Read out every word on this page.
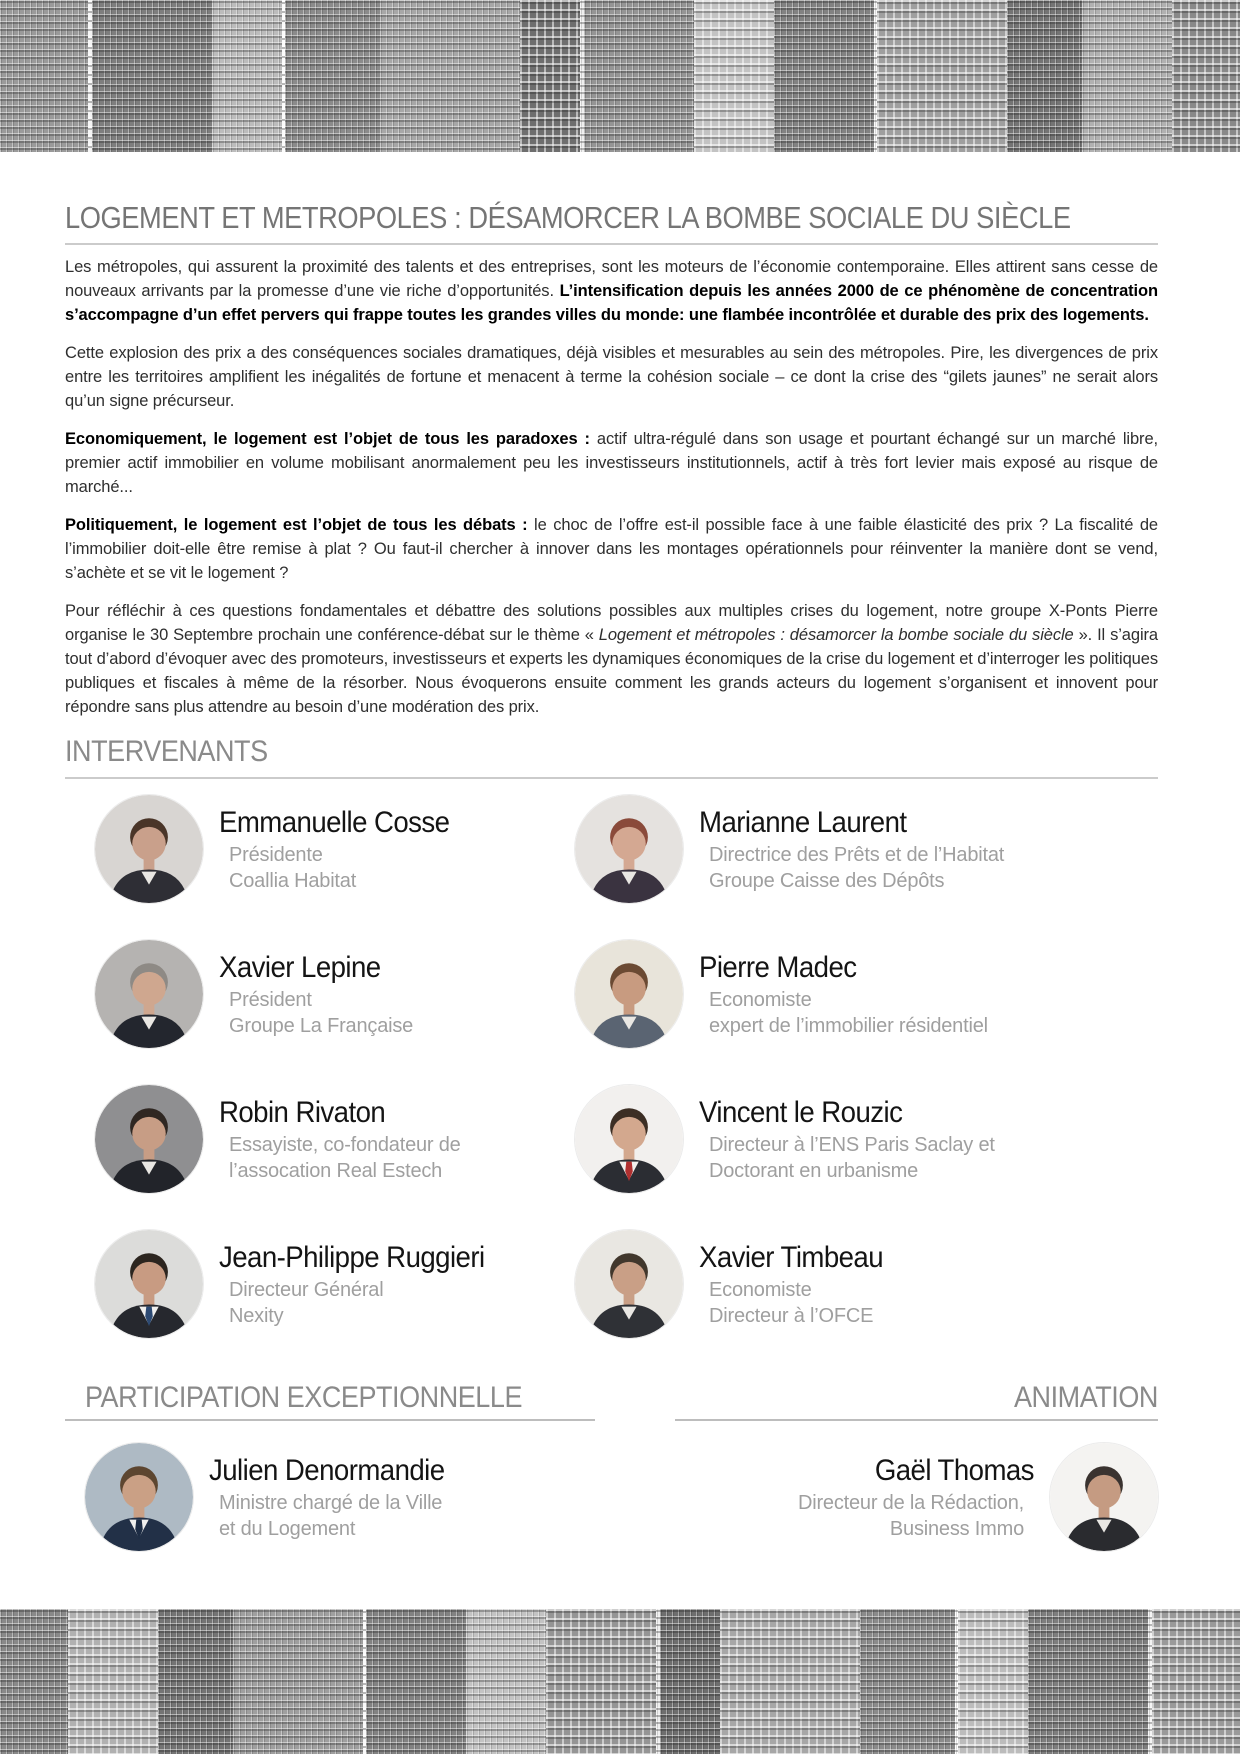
LOGEMENT ET METROPOLES : DÉSAMORCER LA BOMBE SOCIALE DU SIÈCLE

Les métropoles, qui assurent la proximité des talents et des entreprises, sont les moteurs de l’économie contemporaine. Elles attirent sans cesse de nouveaux arrivants par la promesse d’une vie riche d’opportunités. L’intensification depuis les années 2000 de ce phénomène de concentration s’accompagne d’un effet pervers qui frappe toutes les grandes villes du monde: une flambée incontrôlée et durable des prix des logements.

Cette explosion des prix a des conséquences sociales dramatiques, déjà visibles et mesurables au sein des métropoles. Pire, les divergences de prix entre les territoires amplifient les inégalités de fortune et menacent à terme la cohésion sociale – ce dont la crise des “gilets jaunes” ne serait alors qu’un signe précurseur.

Economiquement, le logement est l’objet de tous les paradoxes : actif ultra-régulé dans son usage et pourtant échangé sur un marché libre, premier actif immobilier en volume mobilisant anormalement peu les investisseurs institutionnels, actif à très fort levier mais exposé au risque de marché...

Politiquement, le logement est l’objet de tous les débats : le choc de l’offre est-il possible face à une faible élasticité des prix ? La fiscalité de l’immobilier doit-elle être remise à plat ? Ou faut-il chercher à innover dans les montages opérationnels pour réinventer la manière dont se vend, s’achète et se vit le logement ?

Pour réfléchir à ces questions fondamentales et débattre des solutions possibles aux multiples crises du logement, notre groupe X-Ponts Pierre organise le 30 Septembre prochain une conférence-débat sur le thème « Logement et métropoles : désamorcer la bombe sociale du siècle ». Il s’agira tout d’abord d’évoquer avec des promoteurs, investisseurs et experts les dynamiques économiques de la crise du logement et d’interroger les politiques publiques et fiscales à même de la résorber. Nous évoquerons ensuite comment les grands acteurs du logement s’organisent et innovent pour répondre sans plus attendre au besoin d’une modération des prix.

INTERVENANTS
Emmanuelle Cosse
Présidente
Coallia Habitat
Marianne Laurent
Directrice des Prêts et de l’Habitat
Groupe Caisse des Dépôts
Xavier Lepine
Président
Groupe La Française
Pierre Madec
Economiste
expert de l’immobilier résidentiel
Robin Rivaton
Essayiste, co-fondateur de
l’assocation Real Estech
Vincent le Rouzic
Directeur à l’ENS Paris Saclay et
Doctorant en urbanisme
Jean-Philippe Ruggieri
Directeur Général
Nexity
Xavier Timbeau
Economiste
Directeur à l’OFCE
PARTICIPATION EXCEPTIONNELLE	ANIMATION
Julien Denormandie
Ministre chargé de la Ville
et du Logement
Gaël Thomas
Directeur de la Rédaction,
Business Immo
